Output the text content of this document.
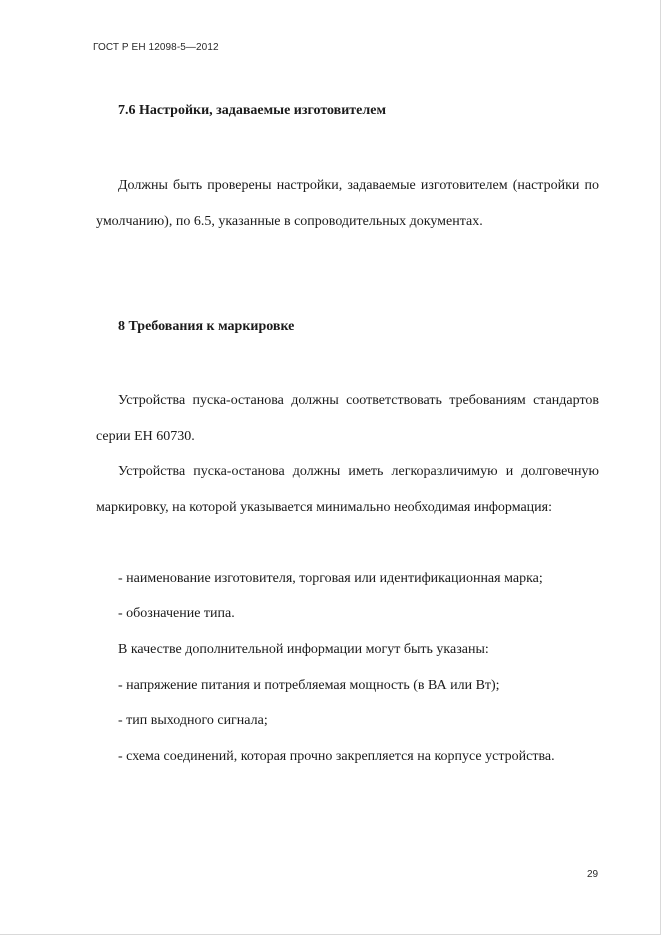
ГОСТ Р ЕН 12098-5—2012
7.6 Настройки, задаваемые изготовителем

Должны быть проверены настройки, задаваемые изготовителем (настройки по умолчанию), по 6.5, указанные в сопроводительных документах.

8 Требования к маркировке

Устройства пуска-останова должны соответствовать требованиям стандартов серии ЕН 60730.

Устройства пуска-останова должны иметь легкоразличимую и долговечную маркировку, на которой указывается минимально необходимая информация:

- наименование изготовителя, торговая или идентификационная марка;

- обозначение типа.

В качестве дополнительной информации могут быть указаны:

- напряжение питания и потребляемая мощность (в ВА или Вт);

- тип выходного сигнала;

- схема соединений, которая прочно закрепляется на корпусе устройства.

29
